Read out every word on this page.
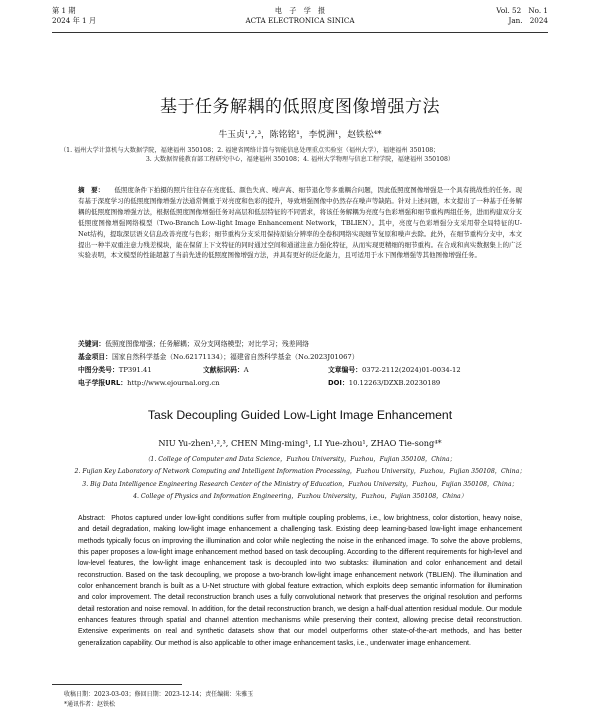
第 1 期
2024 年 1 月
电　子　学　报
ACTA ELECTRONICA SINICA
Vol. 52　No. 1
Jan.　2024
基于任务解耦的低照度图像增强方法
牛玉贞¹,²,³，陈铭铭¹，李悦洲¹，赵铁松⁴*
（1. 福州大学计算机与大数据学院，福建福州 350108；2. 福建省网络计算与智能信息处理重点实验室（福州大学），福建福州 350108；
3. 大数据智能教育部工程研究中心，福建福州 350108；4. 福州大学物理与信息工程学院，福建福州 350108）
摘　要： 低照度条件下拍摄的照片往往存在亮度低、颜色失真、噪声高、细节退化等多重耦合问题，因此低照度图像增强是一个具有挑战性的任务。现有基于深度学习的低照度图像增强方法通常侧重于对亮度和色彩的提升，导致增强图像中仍然存在噪声等缺陷。针对上述问题，本文提出了一种基于任务解耦的低照度图像增强方法，根据低照度图像增强任务对高层和低层特征的不同需求，将该任务解耦为亮度与色彩增强和细节重构两组任务，进而构建双分支低照度图像增强网络模型（Two-Branch Low-light Image Enhancement Network，TBLIEN）。其中，亮度与色彩增强分支采用带全局特征的U-Net结构，提取深层语义信息改善亮度与色彩；细节重构分支采用保持原始分辨率的全卷积网络实现细节复原和噪声去除。此外，在细节重构分支中，本文提出一种半双重注意力残差模块，能在保留上下文特征的同时通过空间和通道注意力强化特征，从而实现更精细的细节重构。在合成和真实数据集上的广泛实验表明，本文模型的性能超越了当前先进的低照度图像增强方法，并具有更好的泛化能力，且可适用于水下图像增强等其他图像增强任务。
关键词：低照度图像增强；任务解耦；双分支网络模型；对比学习；残差网络
基金项目：国家自然科学基金（No.62171134）；福建省自然科学基金（No.2023J01067）
中图分类号：TP391.41	文献标识码：A	文章编号：0372-2112(2024)01-0034-12
电子学报URL：http://www.ejournal.org.cn	DOI：10.12263/DZXB.20230189
Task Decoupling Guided Low-Light Image Enhancement
NIU Yu-zhen¹,²,³, CHEN Ming-ming¹, LI Yue-zhou¹, ZHAO Tie-song⁴*
（1. College of Computer and Data Science，Fuzhou University，Fuzhou，Fujian 350108，China；
2. Fujian Key Laboratory of Network Computing and Intelligent Information Processing，Fuzhou University，Fuzhou，Fujian 350108，China；
3. Big Data Intelligence Engineering Research Center of the Ministry of Education，Fuzhou University，Fuzhou，Fujian 350108，China；
4. College of Physics and Information Engineering，Fuzhou University，Fuzhou，Fujian 350108，China）
Abstract: Photos captured under low-light conditions suffer from multiple coupling problems, i.e., low brightness, color distortion, heavy noise, and detail degradation, making low-light image enhancement a challenging task. Existing deep learning-based low-light image enhancement methods typically focus on improving the illumination and color while neglecting the noise in the enhanced image. To solve the above problems, this paper proposes a low-light image enhancement method based on task decoupling. According to the different requirements for high-level and low-level features, the low-light image enhancement task is decoupled into two subtasks: illumination and color enhancement and detail reconstruction. Based on the task decoupling, we propose a two-branch low-light image enhancement network (TBLIEN). The illumination and color enhancement branch is built as a U-Net structure with global feature extraction, which exploits deep semantic information for illumination and color improvement. The detail reconstruction branch uses a fully convolutional network that preserves the original resolution and performs detail restoration and noise removal. In addition, for the detail reconstruction branch, we design a half-dual attention residual module. Our module enhances features through spatial and channel attention mechanisms while preserving their context, allowing precise detail reconstruction. Extensive experiments on real and synthetic datasets show that our model outperforms other state-of-the-art methods, and has better generalization capability. Our method is also applicable to other image enhancement tasks, i.e., underwater image enhancement.
收稿日期：2023-03-03；修回日期：2023-12-14；责任编辑：朱雅玉
*通讯作者：赵铁松
